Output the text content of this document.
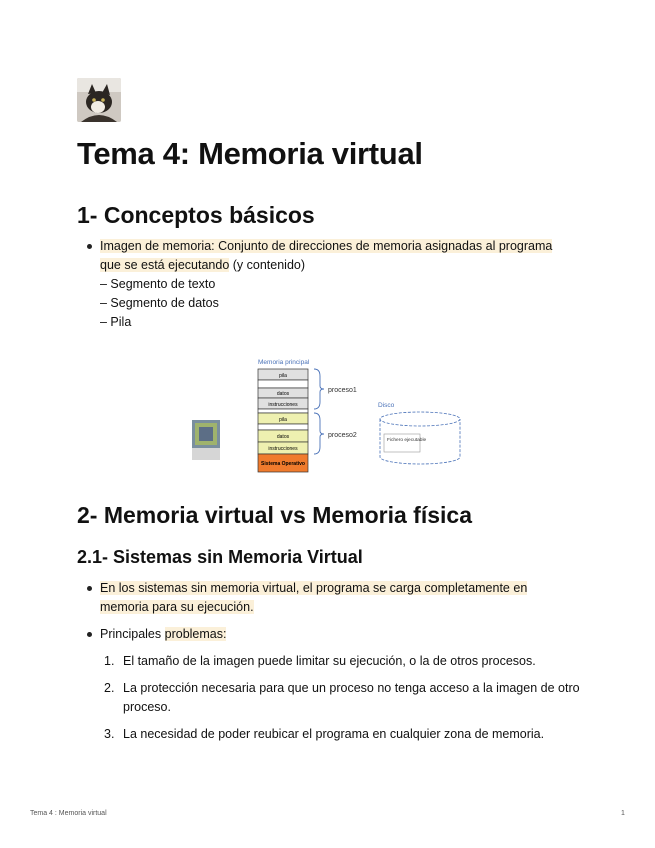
Tema 4: Memoria virtual
1- Conceptos básicos
Imagen de memoria: Conjunto de direcciones de memoria asignadas al programa
que se está ejecutando (y contenido)
– Segmento de texto
– Segmento de datos
– Pila
Memoria principal
pila
datos
instrucciones
pila
datos
instrucciones
Sistema Operativo
proceso1
proceso2
Disco
Fichero ejecutable
2- Memoria virtual vs Memoria física
2.1- Sistemas sin Memoria Virtual
En los sistemas sin memoria virtual, el programa se carga completamente en memoria para su ejecución.
Principales problemas:
1. El tamaño de la imagen puede limitar su ejecución, o la de otros procesos.
2. La protección necesaria para que un proceso no tenga acceso a la imagen de otro proceso.
3. La necesidad de poder reubicar el programa en cualquier zona de memoria.
Tema 4 : Memoria virtual	1
